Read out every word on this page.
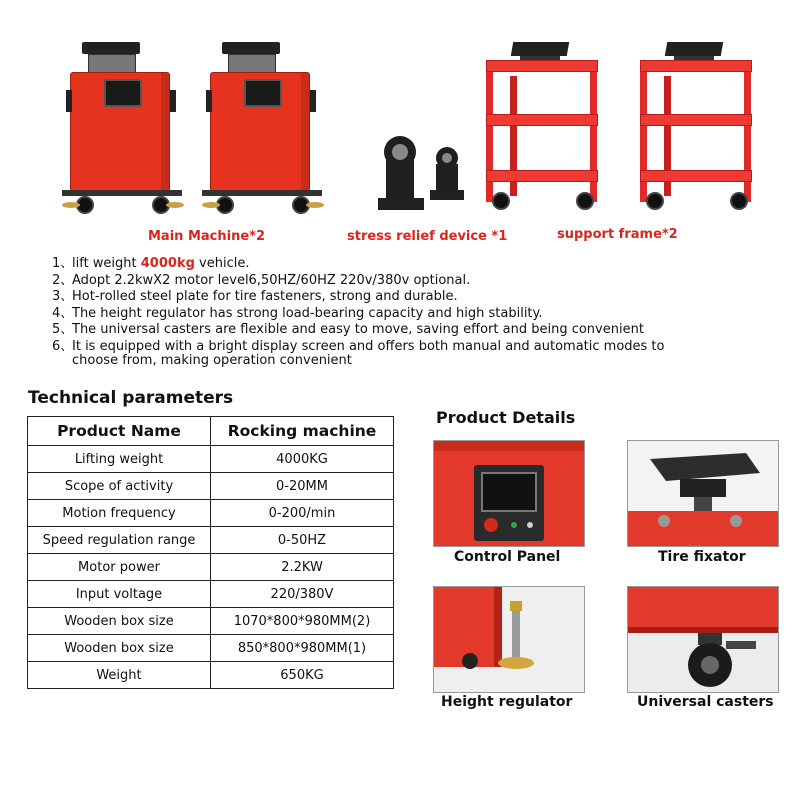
Main Machine*2	stress relief device *1	support frame*2
1、lift weight 4000kg vehicle.
2、Adopt 2.2kwX2 motor level6,50HZ/60HZ 220v/380v optional.
3、Hot-rolled steel plate for tire fasteners, strong and durable.
4、The height regulator has strong load-bearing capacity and high stability.
5、The universal casters are flexible and easy to move, saving effort and being convenient
6、It is equipped with a bright display screen and offers both manual and automatic modes to
choose from, making operation convenient
Technical parameters
Product Name	Rocking machine
Lifting weight	4000KG
Scope of activity	0-20MM
Motion frequency	0-200/min
Speed regulation range	0-50HZ
Motor power	2.2KW
Input voltage	220/380V
Wooden box size	1070*800*980MM(2)
Wooden box size	850*800*980MM(1)
Weight	650KG
Product Details
Control Panel	Tire fixator
Height regulator	Universal casters
